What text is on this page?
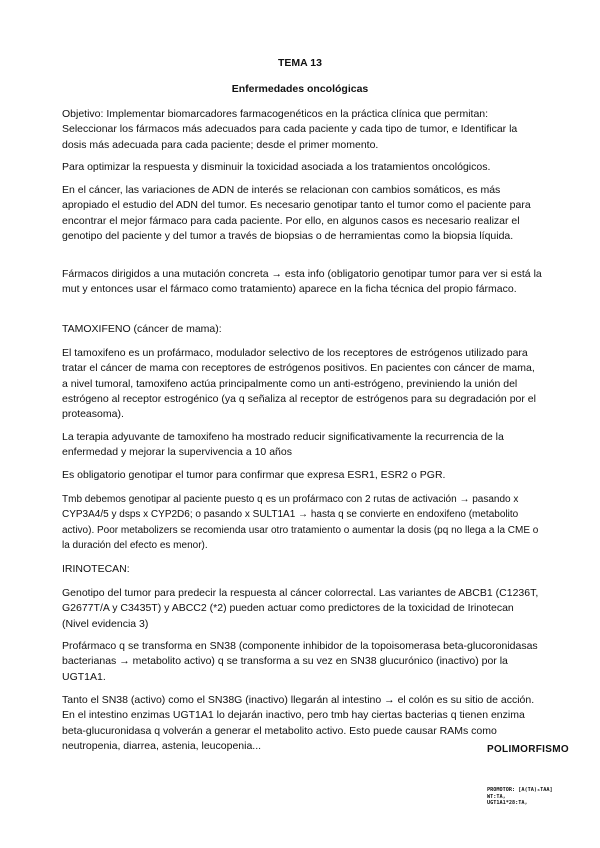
TEMA 13
Enfermedades oncológicas

Objetivo: Implementar biomarcadores farmacogenéticos en la práctica clínica que permitan: Seleccionar los fármacos más adecuados para cada paciente y cada tipo de tumor, e Identificar la dosis más adecuada para cada paciente; desde el primer momento.

Para optimizar la respuesta y disminuir la toxicidad asociada a los tratamientos oncológicos.

En el cáncer, las variaciones de ADN de interés se relacionan con cambios somáticos, es más apropiado el estudio del ADN del tumor. Es necesario genotipar tanto el tumor como el paciente para encontrar el mejor fármaco para cada paciente. Por ello, en algunos casos es necesario realizar el genotipo del paciente y del tumor a través de biopsias o de herramientas como la biopsia líquida.

Fármacos dirigidos a una mutación concreta → esta info (obligatorio genotipar tumor para ver si está la mut y entonces usar el fármaco como tratamiento) aparece en la ficha técnica del propio fármaco.

TAMOXIFENO (cáncer de mama):

El tamoxifeno es un profármaco, modulador selectivo de los receptores de estrógenos utilizado para tratar el cáncer de mama con receptores de estrógenos positivos. En pacientes con cáncer de mama, a nivel tumoral, tamoxifeno actúa principalmente como un anti-estrógeno, previniendo la unión del estrógeno al receptor estrogénico (ya q señaliza al receptor de estrógenos para su degradación por el proteasoma).

La terapia adyuvante de tamoxifeno ha mostrado reducir significativamente la recurrencia de la enfermedad y mejorar la supervivencia a 10 años

Es obligatorio genotipar el tumor para confirmar que expresa ESR1, ESR2 o PGR.

Tmb debemos genotipar al paciente puesto q es un profármaco con 2 rutas de activación → pasando x CYP3A4/5 y dsps x CYP2D6; o pasando x SULT1A1 → hasta q se convierte en endoxifeno (metabolito activo). Poor metabolizers se recomienda usar otro tratamiento o aumentar la dosis (pq no llega a la CME o la duración del efecto es menor).

IRINOTECAN:

Genotipo del tumor para predecir la respuesta al cáncer colorrectal. Las variantes de ABCB1 (C1236T, G2677T/A y C3435T) y ABCC2 (*2) pueden actuar como predictores de la toxicidad de Irinotecan (Nivel evidencia 3)

Profármaco q se transforma en SN38 (componente inhibidor de la topoisomerasa beta-glucoronidasas bacterianas → metabolito activo) q se transforma a su vez en SN38 glucurónico (inactivo) por la UGT1A1.

Tanto el SN38 (activo) como el SN38G (inactivo) llegarán al intestino → el colón es su sitio de acción. En el intestino enzimas UGT1A1 lo dejarán inactivo, pero tmb hay ciertas bacterias q tienen enzima beta-glucuronidasa q volverán a generar el metabolito activo. Esto puede causar RAMs como neutropenia, diarrea, astenia, leucopenia...	POLIMORFISMO
PROMOTOR: [A(TA)₆TAA]
WT:TA,
UGT1A1*28:TA,
